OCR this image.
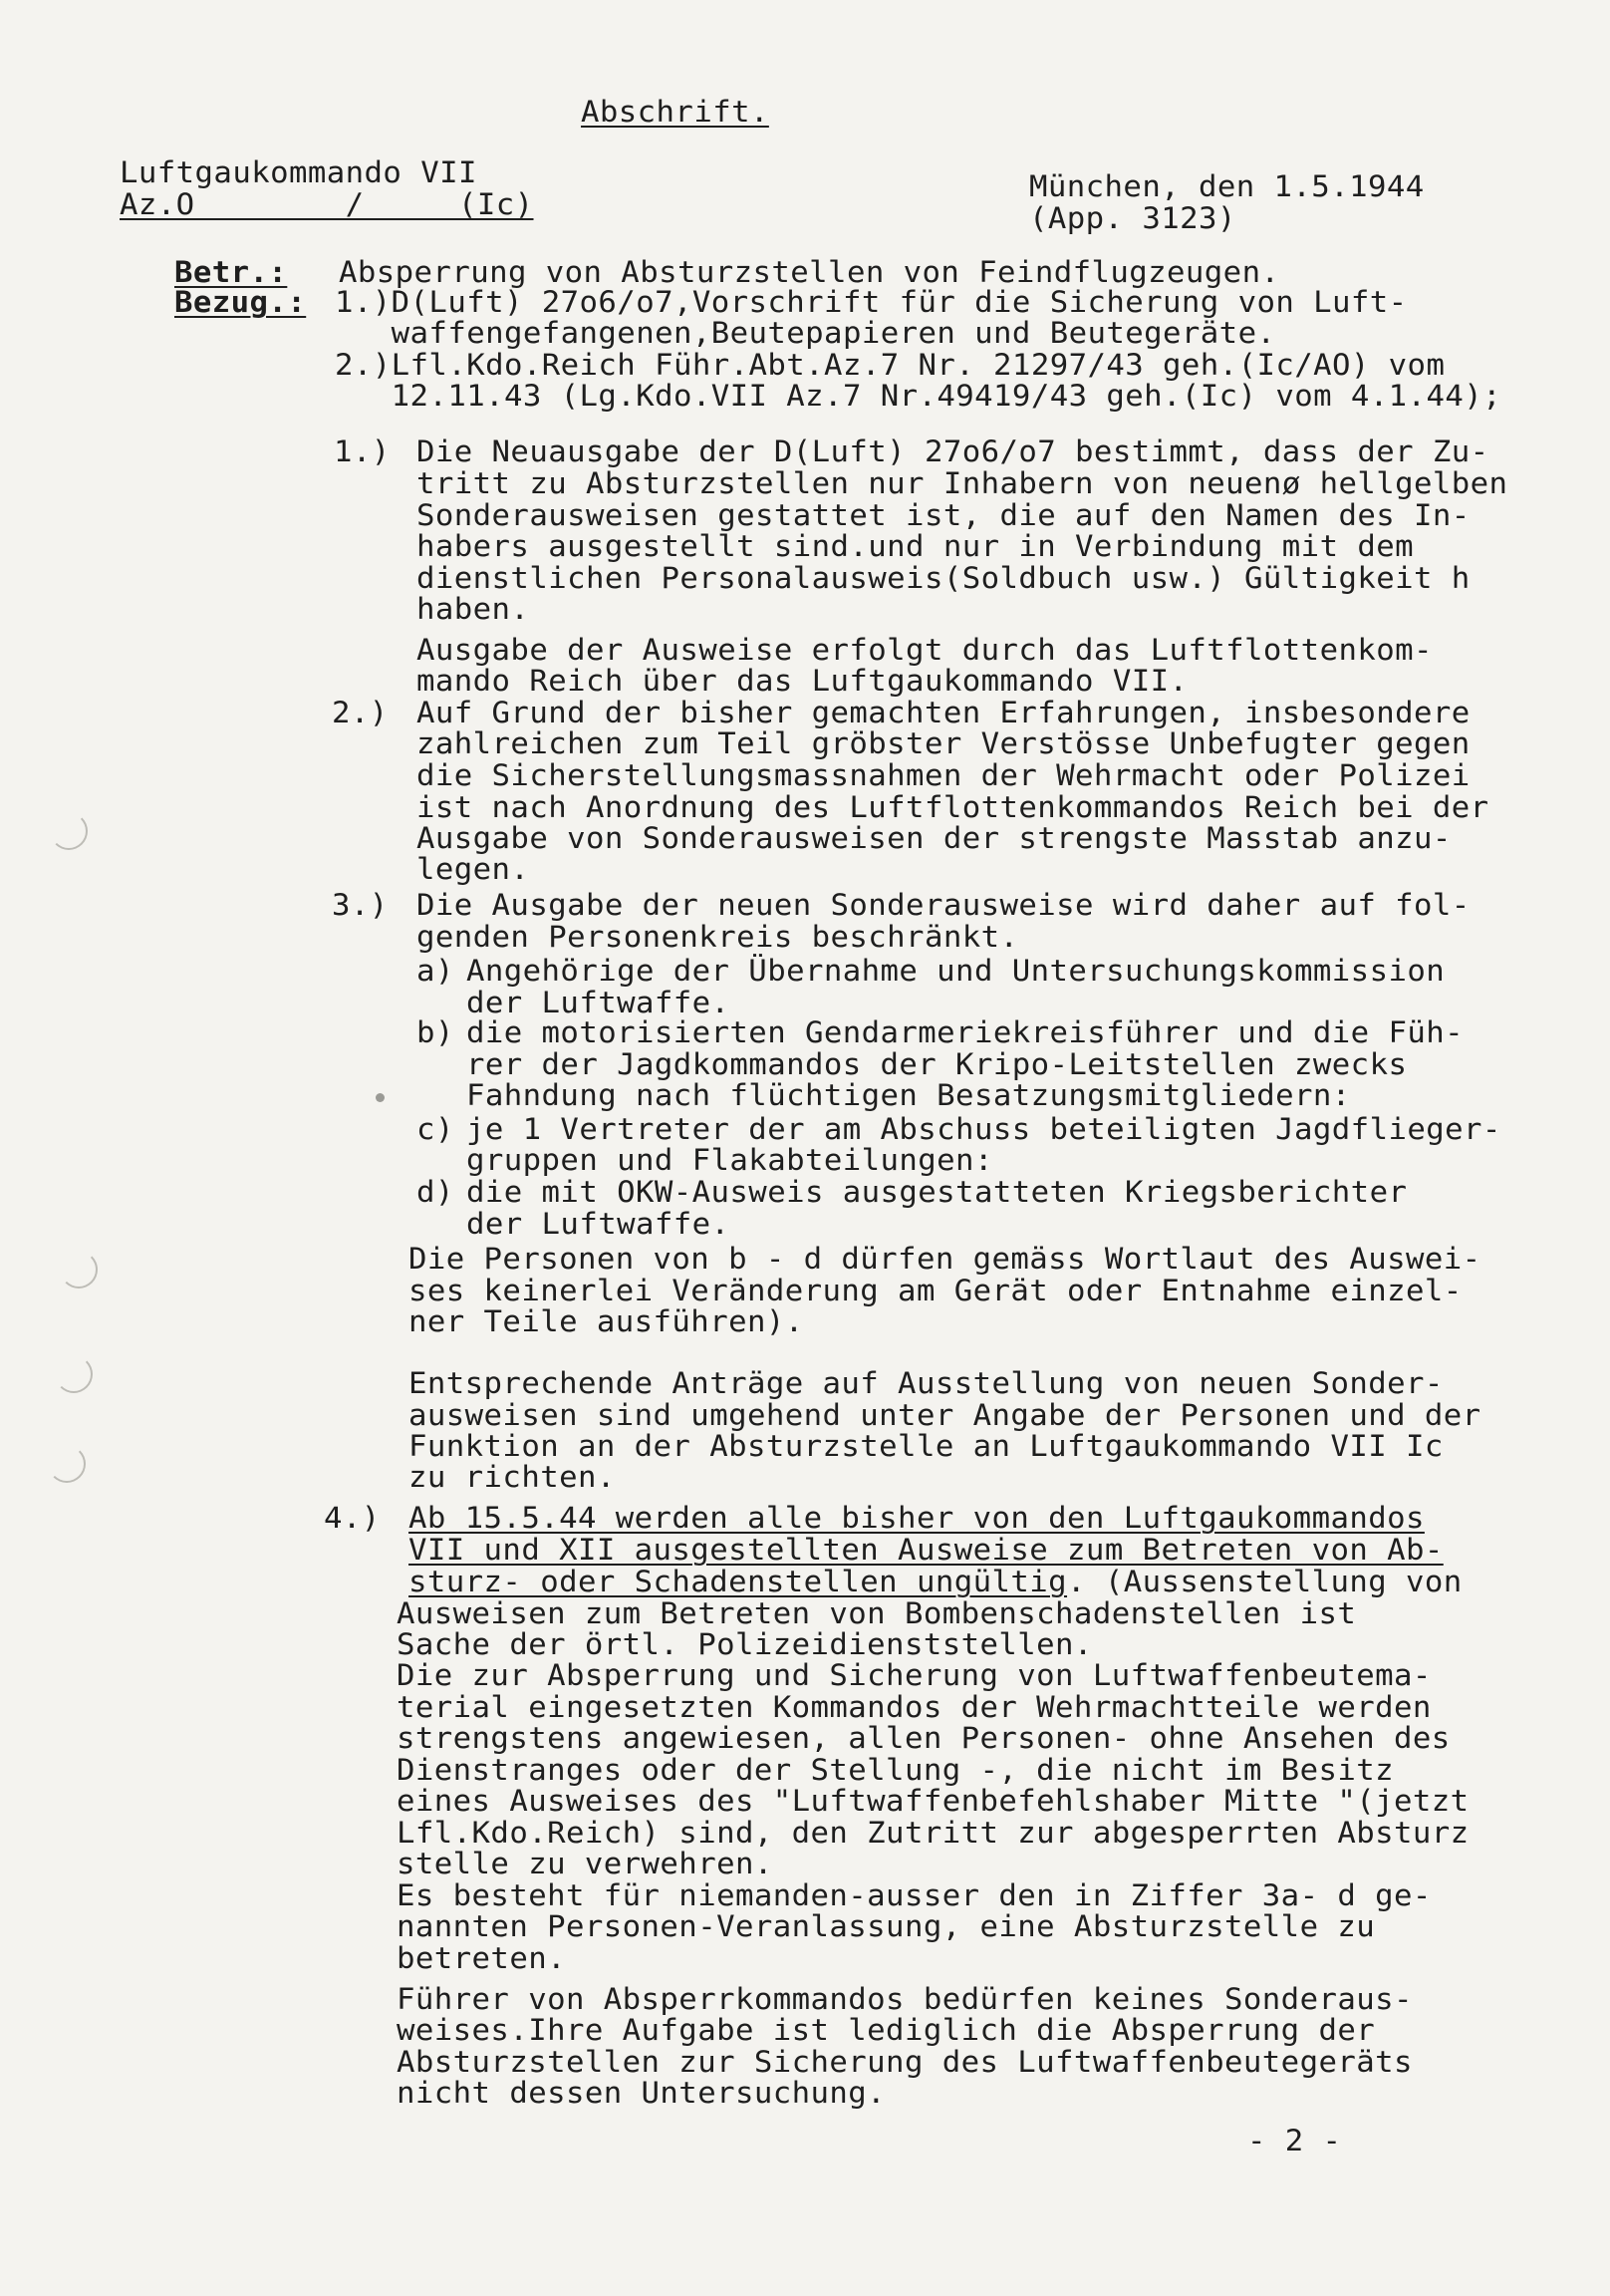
Abschrift.
Luftgaukommando VII
Az.O        /     (Ic)
München, den 1.5.1944
(App. 3123)
Betr.: Absperrung von Absturzstellen von Feindflugzeugen.
Bezug.: 1.)D(Luft) 27o6/o7,Vorschrift für die Sicherung von Luft-
waffengefangenen,Beutepapieren und Beutegeräte.
2.)Lfl.Kdo.Reich Führ.Abt.Az.7 Nr. 21297/43 geh.(Ic/AO) vom
12.11.43 (Lg.Kdo.VII Az.7 Nr.49419/43 geh.(Ic) vom 4.1.44);
1.) Die Neuausgabe der D(Luft) 27o6/o7 bestimmt, dass der Zu-
tritt zu Absturzstellen nur Inhabern von neuenø hellgelben
Sonderausweisen gestattet ist, die auf den Namen des In-
habers ausgestellt sind.und nur in Verbindung mit dem
dienstlichen Personalausweis(Soldbuch usw.) Gültigkeit h
haben.
Ausgabe der Ausweise erfolgt durch das Luftflottenkom-
mando Reich über das Luftgaukommando VII.
2.) Auf Grund der bisher gemachten Erfahrungen, insbesondere
zahlreichen zum Teil gröbster Verstösse Unbefugter gegen
die Sicherstellungsmassnahmen der Wehrmacht oder Polizei
ist nach Anordnung des Luftflottenkommandos Reich bei der
Ausgabe von Sonderausweisen der strengste Masstab anzu-
legen.
3.) Die Ausgabe der neuen Sonderausweise wird daher auf fol-
genden Personenkreis beschränkt.
a) Angehörige der Übernahme und Untersuchungskommission
der Luftwaffe.
b) die motorisierten Gendarmeriekreisführer und die Füh-
rer der Jagdkommandos der Kripo-Leitstellen zwecks
Fahndung nach flüchtigen Besatzungsmitgliedern:
c) je 1 Vertreter der am Abschuss beteiligten Jagdflieger-
gruppen und Flakabteilungen:
d) die mit OKW-Ausweis ausgestatteten Kriegsberichter
der Luftwaffe.
Die Personen von b - d dürfen gemäss Wortlaut des Auswei-
ses keinerlei Veränderung am Gerät oder Entnahme einzel-
ner Teile ausführen).
Entsprechende Anträge auf Ausstellung von neuen Sonder-
ausweisen sind umgehend unter Angabe der Personen und der
Funktion an der Absturzstelle an Luftgaukommando VII Ic
zu richten.
4.) Ab 15.5.44 werden alle bisher von den Luftgaukommandos
VII und XII ausgestellten Ausweise zum Betreten von Ab-
sturz- oder Schadenstellen ungültig. (Aussenstellung von
Ausweisen zum Betreten von Bombenschadenstellen ist
Sache der örtl. Polizeidienststellen.
Die zur Absperrung und Sicherung von Luftwaffenbeutema-
terial eingesetzten Kommandos der Wehrmachtteile werden
strengstens angewiesen, allen Personen- ohne Ansehen des
Dienstranges oder der Stellung -, die nicht im Besitz
eines Ausweises des "Luftwaffenbefehlshaber Mitte "(jetzt
Lfl.Kdo.Reich) sind, den Zutritt zur abgesperrten Absturz
stelle zu verwehren.
Es besteht für niemanden-ausser den in Ziffer 3a- d ge-
nannten Personen-Veranlassung, eine Absturzstelle zu
betreten.
Führer von Absperrkommandos bedürfen keines Sonderaus-
weises.Ihre Aufgabe ist lediglich die Absperrung der
Absturzstellen zur Sicherung des Luftwaffenbeutegeräts
nicht dessen Untersuchung.
- 2 -
